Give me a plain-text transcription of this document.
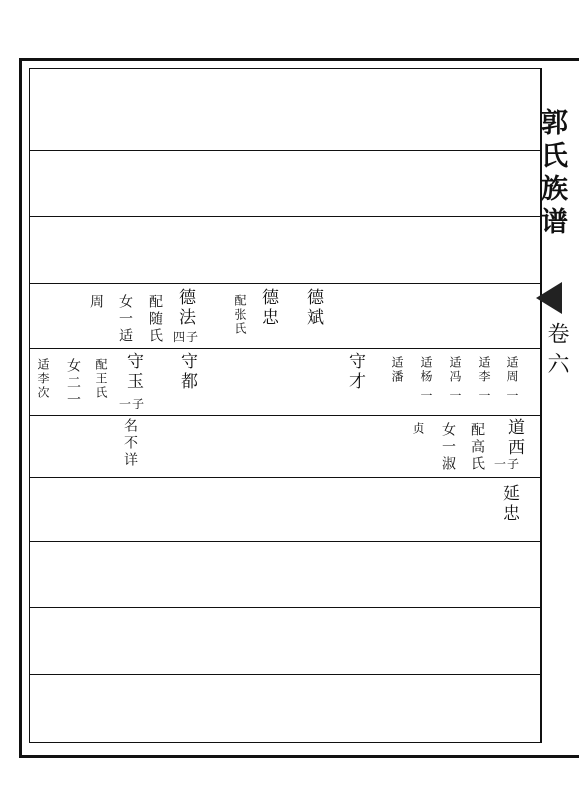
郭氏族谱
卷六
德斌
德忠
配张氏
德法
四子
配随氏
女一适
周
适周
一
适李
一
适冯
一
适杨
一
适潘
守才
守都
守玉
一子
配王氏
女二一
适李次
道西
一子
配高氏
女一淑
贞
名不详
延忠
